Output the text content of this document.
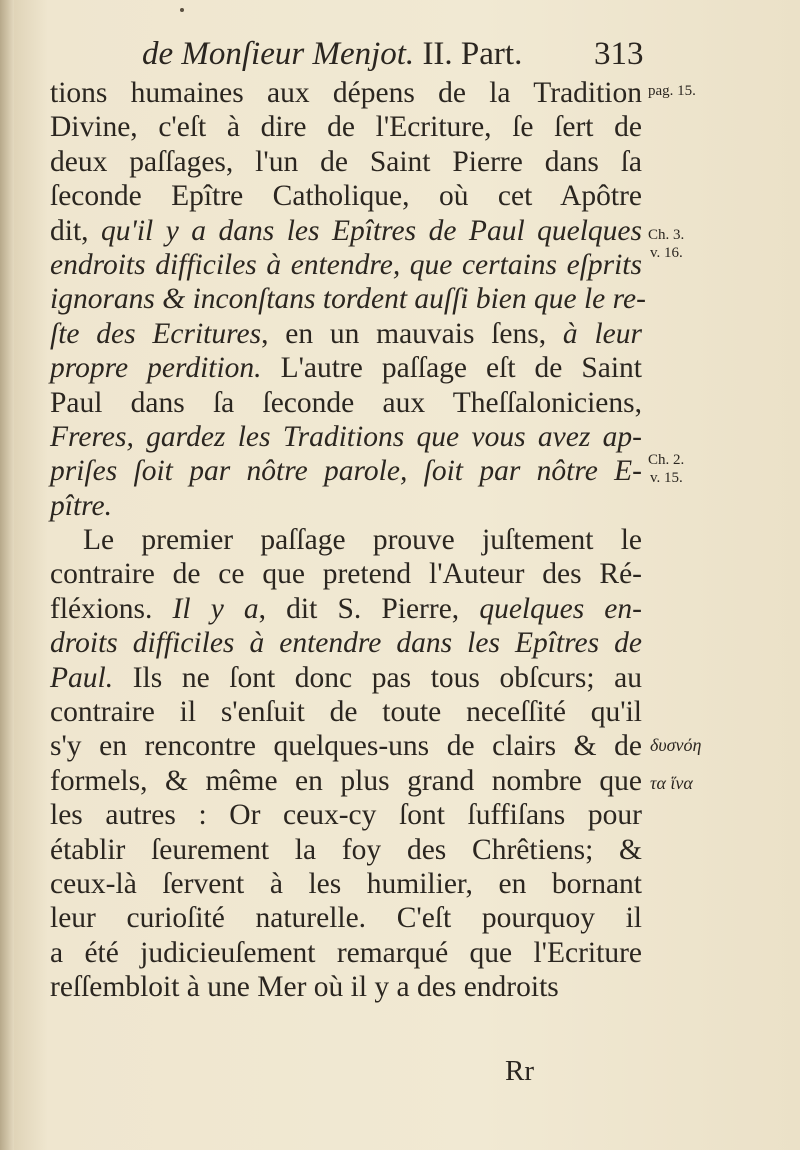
de Monſieur Menjot. II. Part. 313
tions humaines aux dépens de la Tradition
Divine, c'eſt à dire de l'Ecriture, ſe ſert de
deux paſſages, l'un de Saint Pierre dans ſa
ſeconde Epître Catholique, où cet Apôtre
dit, qu'il y a dans les Epîtres de Paul quelques
endroits difficiles à entendre, que certains eſprits
ignorans & inconſtans tordent auſſi bien que le re-
ſte des Ecritures, en un mauvais ſens, à leur
propre perdition. L'autre paſſage eſt de Saint
Paul dans ſa ſeconde aux Theſſaloniciens,
Freres, gardez les Traditions que vous avez ap-
priſes ſoit par nôtre parole, ſoit par nôtre E-
pître.
Le premier paſſage prouve juſtement le
contraire de ce que pretend l'Auteur des Ré-
fléxions. Il y a, dit S. Pierre, quelques en-
droits difficiles à entendre dans les Epîtres de
Paul. Ils ne ſont donc pas tous obſcurs; au
contraire il s'enſuit de toute neceſſité qu'il
s'y en rencontre quelques-uns de clairs & de
formels, & même en plus grand nombre que
les autres : Or ceux-cy ſont ſuffiſans pour
établir ſeurement la foy des Chrêtiens; &
ceux-là ſervent à les humilier, en bornant
leur curioſité naturelle. C'eſt pourquoy il
a été judicieuſement remarqué que l'Ecriture
reſſembloit à une Mer où il y a des endroits
pag. 15.
Ch. 3.
v. 16.
Ch. 2.
v. 15.
δυσνόη
τα ἵνα
Rr
